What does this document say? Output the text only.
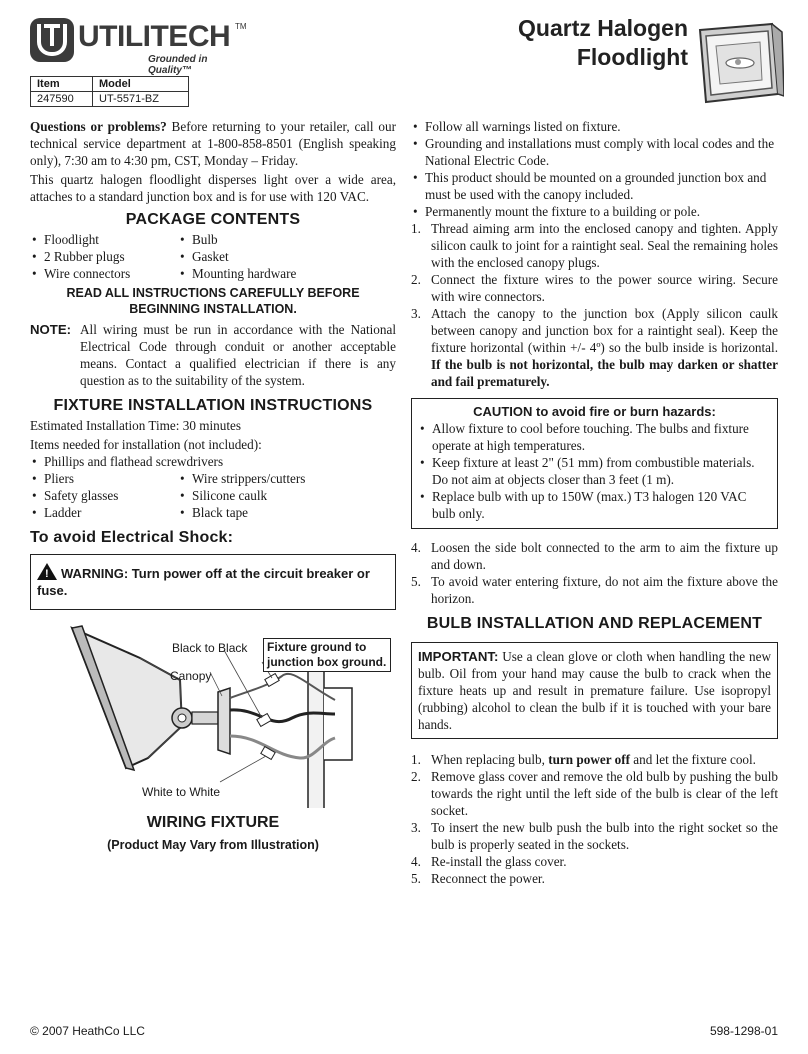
UTILITECH TM
Grounded in Quality™
Quartz Halogen
Floodlight
Item	Model
247590	UT-5571-BZ

Questions or problems? Before returning to your retailer, call our technical service department at 1-800-858-8501 (English speaking only), 7:30 am to 4:30 pm, CST, Monday – Friday.

This quartz halogen floodlight disperses light over a wide area, attaches to a standard junction box and is for use with 120 VAC.

PACKAGE CONTENTS
• Floodlight	• Bulb
• 2 Rubber plugs	• Gasket
• Wire connectors	• Mounting hardware
READ ALL INSTRUCTIONS CAREFULLY BEFORE BEGINNING INSTALLATION.
NOTE: All wiring must be run in accordance with the National Electrical Code through conduit or another acceptable means. Contact a qualified electrician if there is any question as to the suitability of the system.
FIXTURE INSTALLATION INSTRUCTIONS

Estimated Installation Time: 30 minutes

Items needed for installation (not included):

• Phillips and flathead screwdrivers
• Pliers	• Wire strippers/cutters
• Safety glasses	• Silicone caulk
• Ladder	• Black tape
To avoid Electrical Shock:
! WARNING: Turn power off at the circuit breaker or fuse.
Black to Black
Canopy
White to White
Fixture ground to junction box ground.
WIRING FIXTURE
(Product May Vary from Illustration)
• Follow all warnings listed on fixture.
• Grounding and installations must comply with local codes and the National Electric Code.
• This product should be mounted on a grounded junction box and must be used with the canopy included.
• Permanently mount the fixture to a building or pole.
1. Thread aiming arm into the enclosed canopy and tighten. Apply silicon caulk to joint for a raintight seal. Seal the remaining holes with the enclosed canopy plugs.
2. Connect the fixture wires to the power source wiring. Secure with wire connectors.
3. Attach the canopy to the junction box (Apply silicon caulk between canopy and junction box for a raintight seal). Keep the fixture horizontal (within +/- 4º) so the bulb inside is horizontal. If the bulb is not horizontal, the bulb may darken or shatter and fail prematurely.
CAUTION to avoid fire or burn hazards:
• Allow fixture to cool before touching. The bulbs and fixture operate at high temperatures.
• Keep fixture at least 2" (51 mm) from combustible materials. Do not aim at objects closer than 3 feet (1 m).
• Replace bulb with up to 150W (max.) T3 halogen 120 VAC bulb only.
4. Loosen the side bolt connected to the arm to aim the fixture up and down.
5. To avoid water entering fixture, do not aim the fixture above the horizon.
BULB INSTALLATION AND REPLACEMENT
IMPORTANT: Use a clean glove or cloth when handling the new bulb. Oil from your hand may cause the bulb to crack when the fixture heats up and result in premature failure. Use isopropyl (rubbing) alcohol to clean the bulb if it is touched with your bare hands.
1. When replacing bulb, turn power off and let the fixture cool.
2. Remove glass cover and remove the old bulb by pushing the bulb towards the right until the left side of the bulb is clear of the left socket.
3. To insert the new bulb push the bulb into the right socket so the bulb is properly seated in the sockets.
4. Re-install the glass cover.
5. Reconnect the power.
© 2007 HeathCo LLC	598-1298-01
